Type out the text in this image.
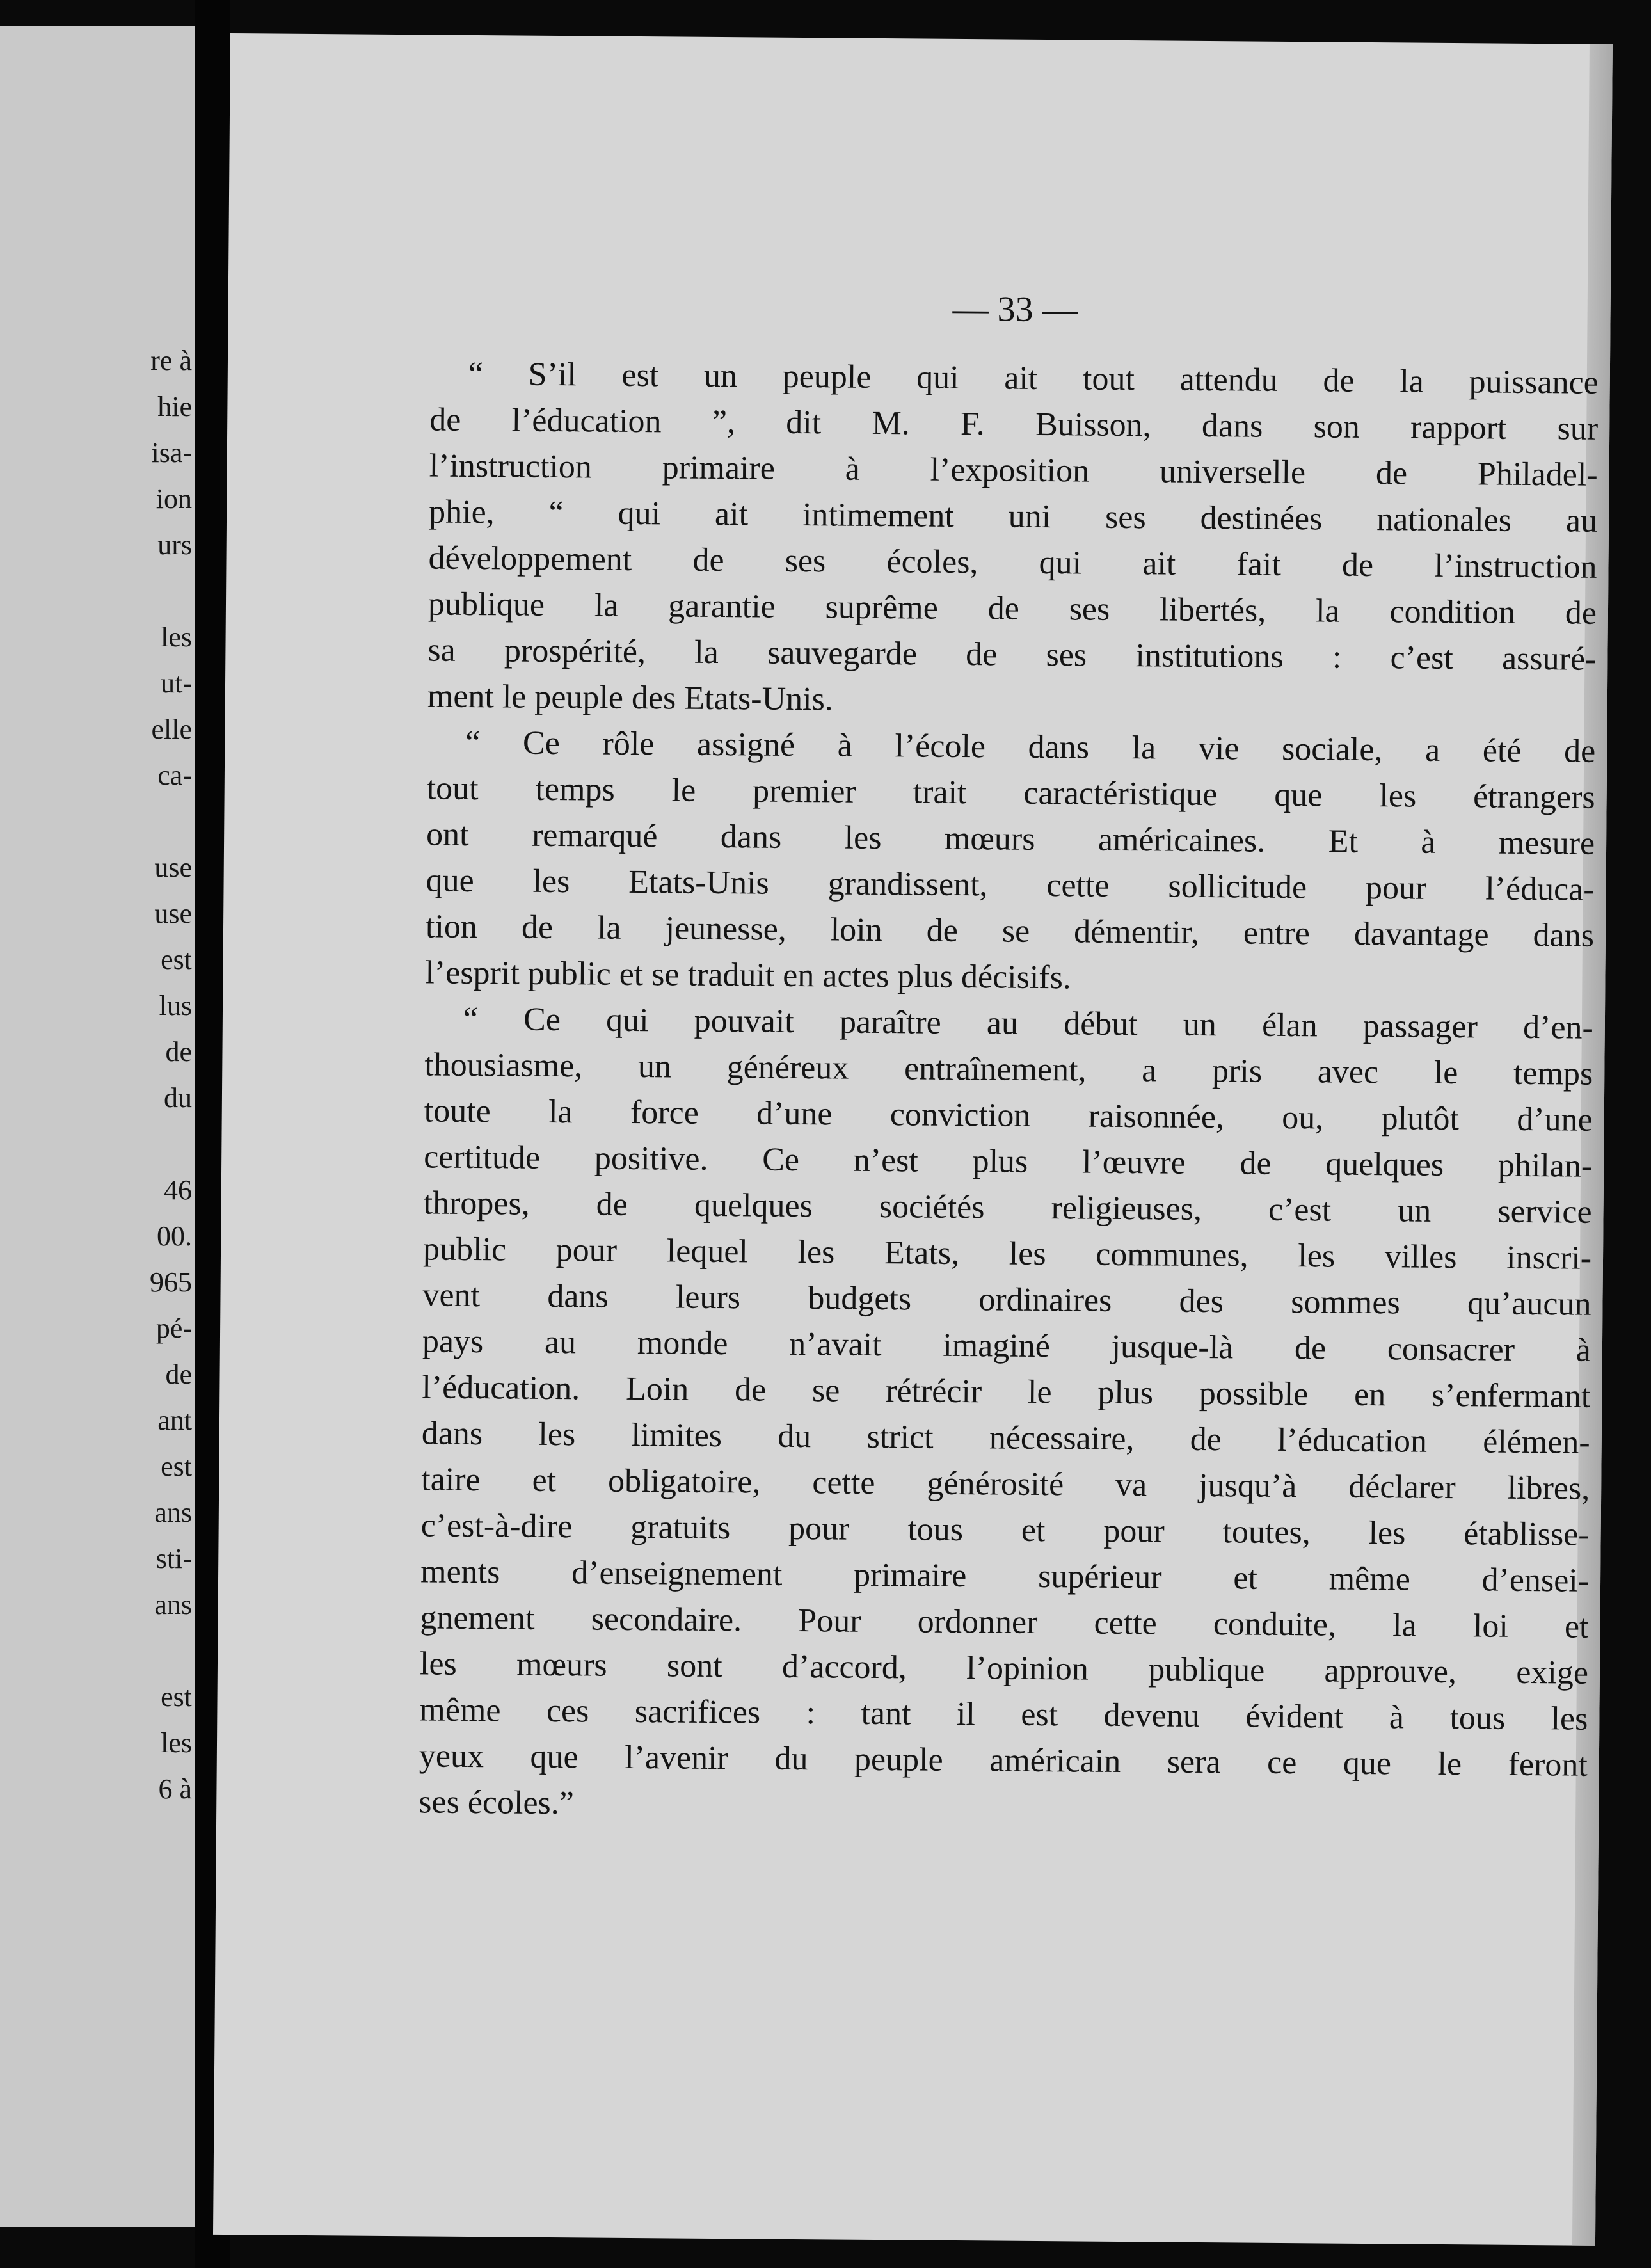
re à

hie

isa-

ion

urs

les

ut-

elle

ca-

use

use

est

lus

de

du

46

00.

965

pé-

de

ant

est

ans

sti-

ans

est

les

6 à

— 33 —

“ S’il est un peuple qui ait tout attendu de la puissance

de l’éducation ”, dit M. F. Buisson, dans son rapport sur

l’instruction primaire à l’exposition universelle de Philadel-

phie, “ qui ait intimement uni ses destinées nationales au

développement de ses écoles, qui ait fait de l’instruction

publique la garantie suprême de ses libertés, la condition de

sa prospérité, la sauvegarde de ses institutions : c’est assuré-

ment le peuple des Etats-Unis.

“ Ce rôle assigné à l’école dans la vie sociale, a été de

tout temps le premier trait caractéristique que les étrangers

ont remarqué dans les mœurs américaines. Et à mesure

que les Etats-Unis grandissent, cette sollicitude pour l’éduca-

tion de la jeunesse, loin de se démentir, entre davantage dans

l’esprit public et se traduit en actes plus décisifs.

“ Ce qui pouvait paraître au début un élan passager d’en-

thousiasme, un généreux entraînement, a pris avec le temps

toute la force d’une conviction raisonnée, ou, plutôt d’une

certitude positive. Ce n’est plus l’œuvre de quelques philan-

thropes, de quelques sociétés religieuses, c’est un service

public pour lequel les Etats, les communes, les villes inscri-

vent dans leurs budgets ordinaires des sommes qu’aucun

pays au monde n’avait imaginé jusque-là de consacrer à

l’éducation. Loin de se rétrécir le plus possible en s’enfermant

dans les limites du strict nécessaire, de l’éducation élémen-

taire et obligatoire, cette générosité va jusqu’à déclarer libres,

c’est-à-dire gratuits pour tous et pour toutes, les établisse-

ments d’enseignement primaire supérieur et même d’ensei-

gnement secondaire. Pour ordonner cette conduite, la loi et

les mœurs sont d’accord, l’opinion publique approuve, exige

même ces sacrifices : tant il est devenu évident à tous les

yeux que l’avenir du peuple américain sera ce que le feront

ses écoles.”
